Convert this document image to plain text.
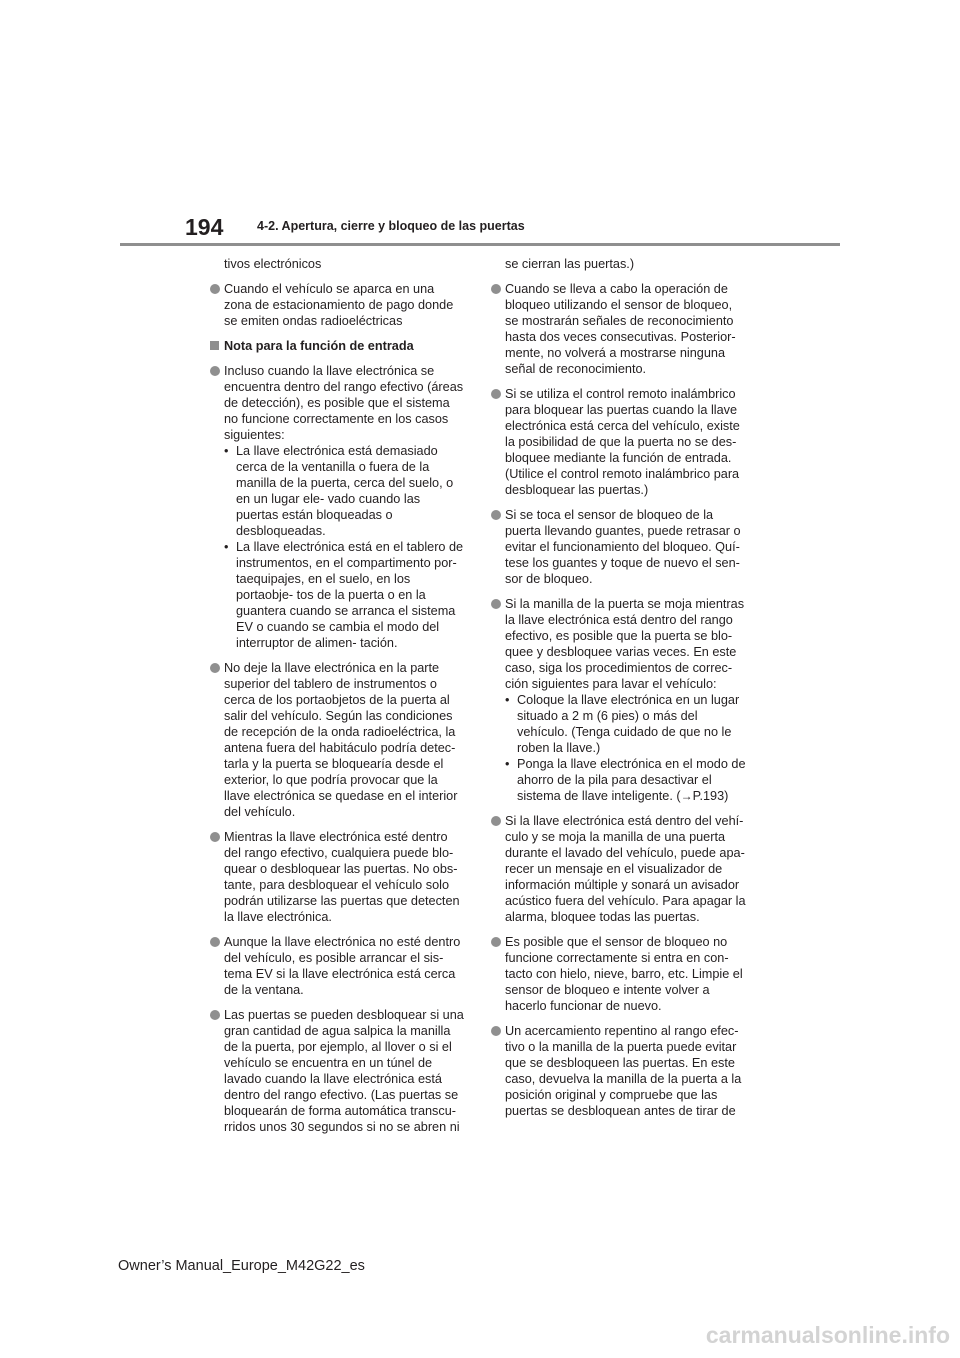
194	4-2. Apertura, cierre y bloqueo de las puertas
tivos electrónicos
Cuando el vehículo se aparca en una zona de estacionamiento de pago donde se emiten ondas radioeléctricas
Nota para la función de entrada
Incluso cuando la llave electrónica se encuentra dentro del rango efectivo (áreas de detección), es posible que el sistema no funcione correctamente en los casos siguientes:
• La llave electrónica está demasiado cerca de la ventanilla o fuera de la manilla de la puerta, cerca del suelo, o en un lugar ele- vado cuando las puertas están bloqueadas o desbloqueadas.
• La llave electrónica está en el tablero de instrumentos, en el compartimento por- taequipajes, en el suelo, en los portaobje- tos de la puerta o en la guantera cuando se arranca el sistema EV o cuando se cambia el modo del interruptor de alimen- tación.
No deje la llave electrónica en la parte superior del tablero de instrumentos o cerca de los portaobjetos de la puerta al salir del vehículo. Según las condiciones de recepción de la onda radioeléctrica, la antena fuera del habitáculo podría detec- tarla y la puerta se bloquearía desde el exterior, lo que podría provocar que la llave electrónica se quedase en el interior del vehículo.
Mientras la llave electrónica esté dentro del rango efectivo, cualquiera puede blo- quear o desbloquear las puertas. No obs- tante, para desbloquear el vehículo solo podrán utilizarse las puertas que detecten la llave electrónica.
Aunque la llave electrónica no esté dentro del vehículo, es posible arrancar el sis- tema EV si la llave electrónica está cerca de la ventana.
Las puertas se pueden desbloquear si una gran cantidad de agua salpica la manilla de la puerta, por ejemplo, al llover o si el vehículo se encuentra en un túnel de lavado cuando la llave electrónica está dentro del rango efectivo. (Las puertas se bloquearán de forma automática transcu- rridos unos 30 segundos si no se abren ni
se cierran las puertas.)
Cuando se lleva a cabo la operación de bloqueo utilizando el sensor de bloqueo, se mostrarán señales de reconocimiento hasta dos veces consecutivas. Posterior- mente, no volverá a mostrarse ninguna señal de reconocimiento.
Si se utiliza el control remoto inalámbrico para bloquear las puertas cuando la llave electrónica está cerca del vehículo, existe la posibilidad de que la puerta no se des- bloquee mediante la función de entrada. (Utilice el control remoto inalámbrico para desbloquear las puertas.)
Si se toca el sensor de bloqueo de la puerta llevando guantes, puede retrasar o evitar el funcionamiento del bloqueo. Quí- tese los guantes y toque de nuevo el sen- sor de bloqueo.
Si la manilla de la puerta se moja mientras la llave electrónica está dentro del rango efectivo, es posible que la puerta se blo- quee y desbloquee varias veces. En este caso, siga los procedimientos de correc- ción siguientes para lavar el vehículo:
• Coloque la llave electrónica en un lugar situado a 2 m (6 pies) o más del vehículo. (Tenga cuidado de que no le roben la llave.)
• Ponga la llave electrónica en el modo de ahorro de la pila para desactivar el sistema de llave inteligente. (→P.193)
Si la llave electrónica está dentro del vehí- culo y se moja la manilla de una puerta durante el lavado del vehículo, puede apa- recer un mensaje en el visualizador de información múltiple y sonará un avisador acústico fuera del vehículo. Para apagar la alarma, bloquee todas las puertas.
Es posible que el sensor de bloqueo no funcione correctamente si entra en con- tacto con hielo, nieve, barro, etc. Limpie el sensor de bloqueo e intente volver a hacerlo funcionar de nuevo.
Un acercamiento repentino al rango efec- tivo o la manilla de la puerta puede evitar que se desbloqueen las puertas. En este caso, devuelva la manilla de la puerta a la posición original y compruebe que las puertas se desbloquean antes de tirar de
Owner’s Manual_Europe_M42G22_es
carmanualsonline.info
